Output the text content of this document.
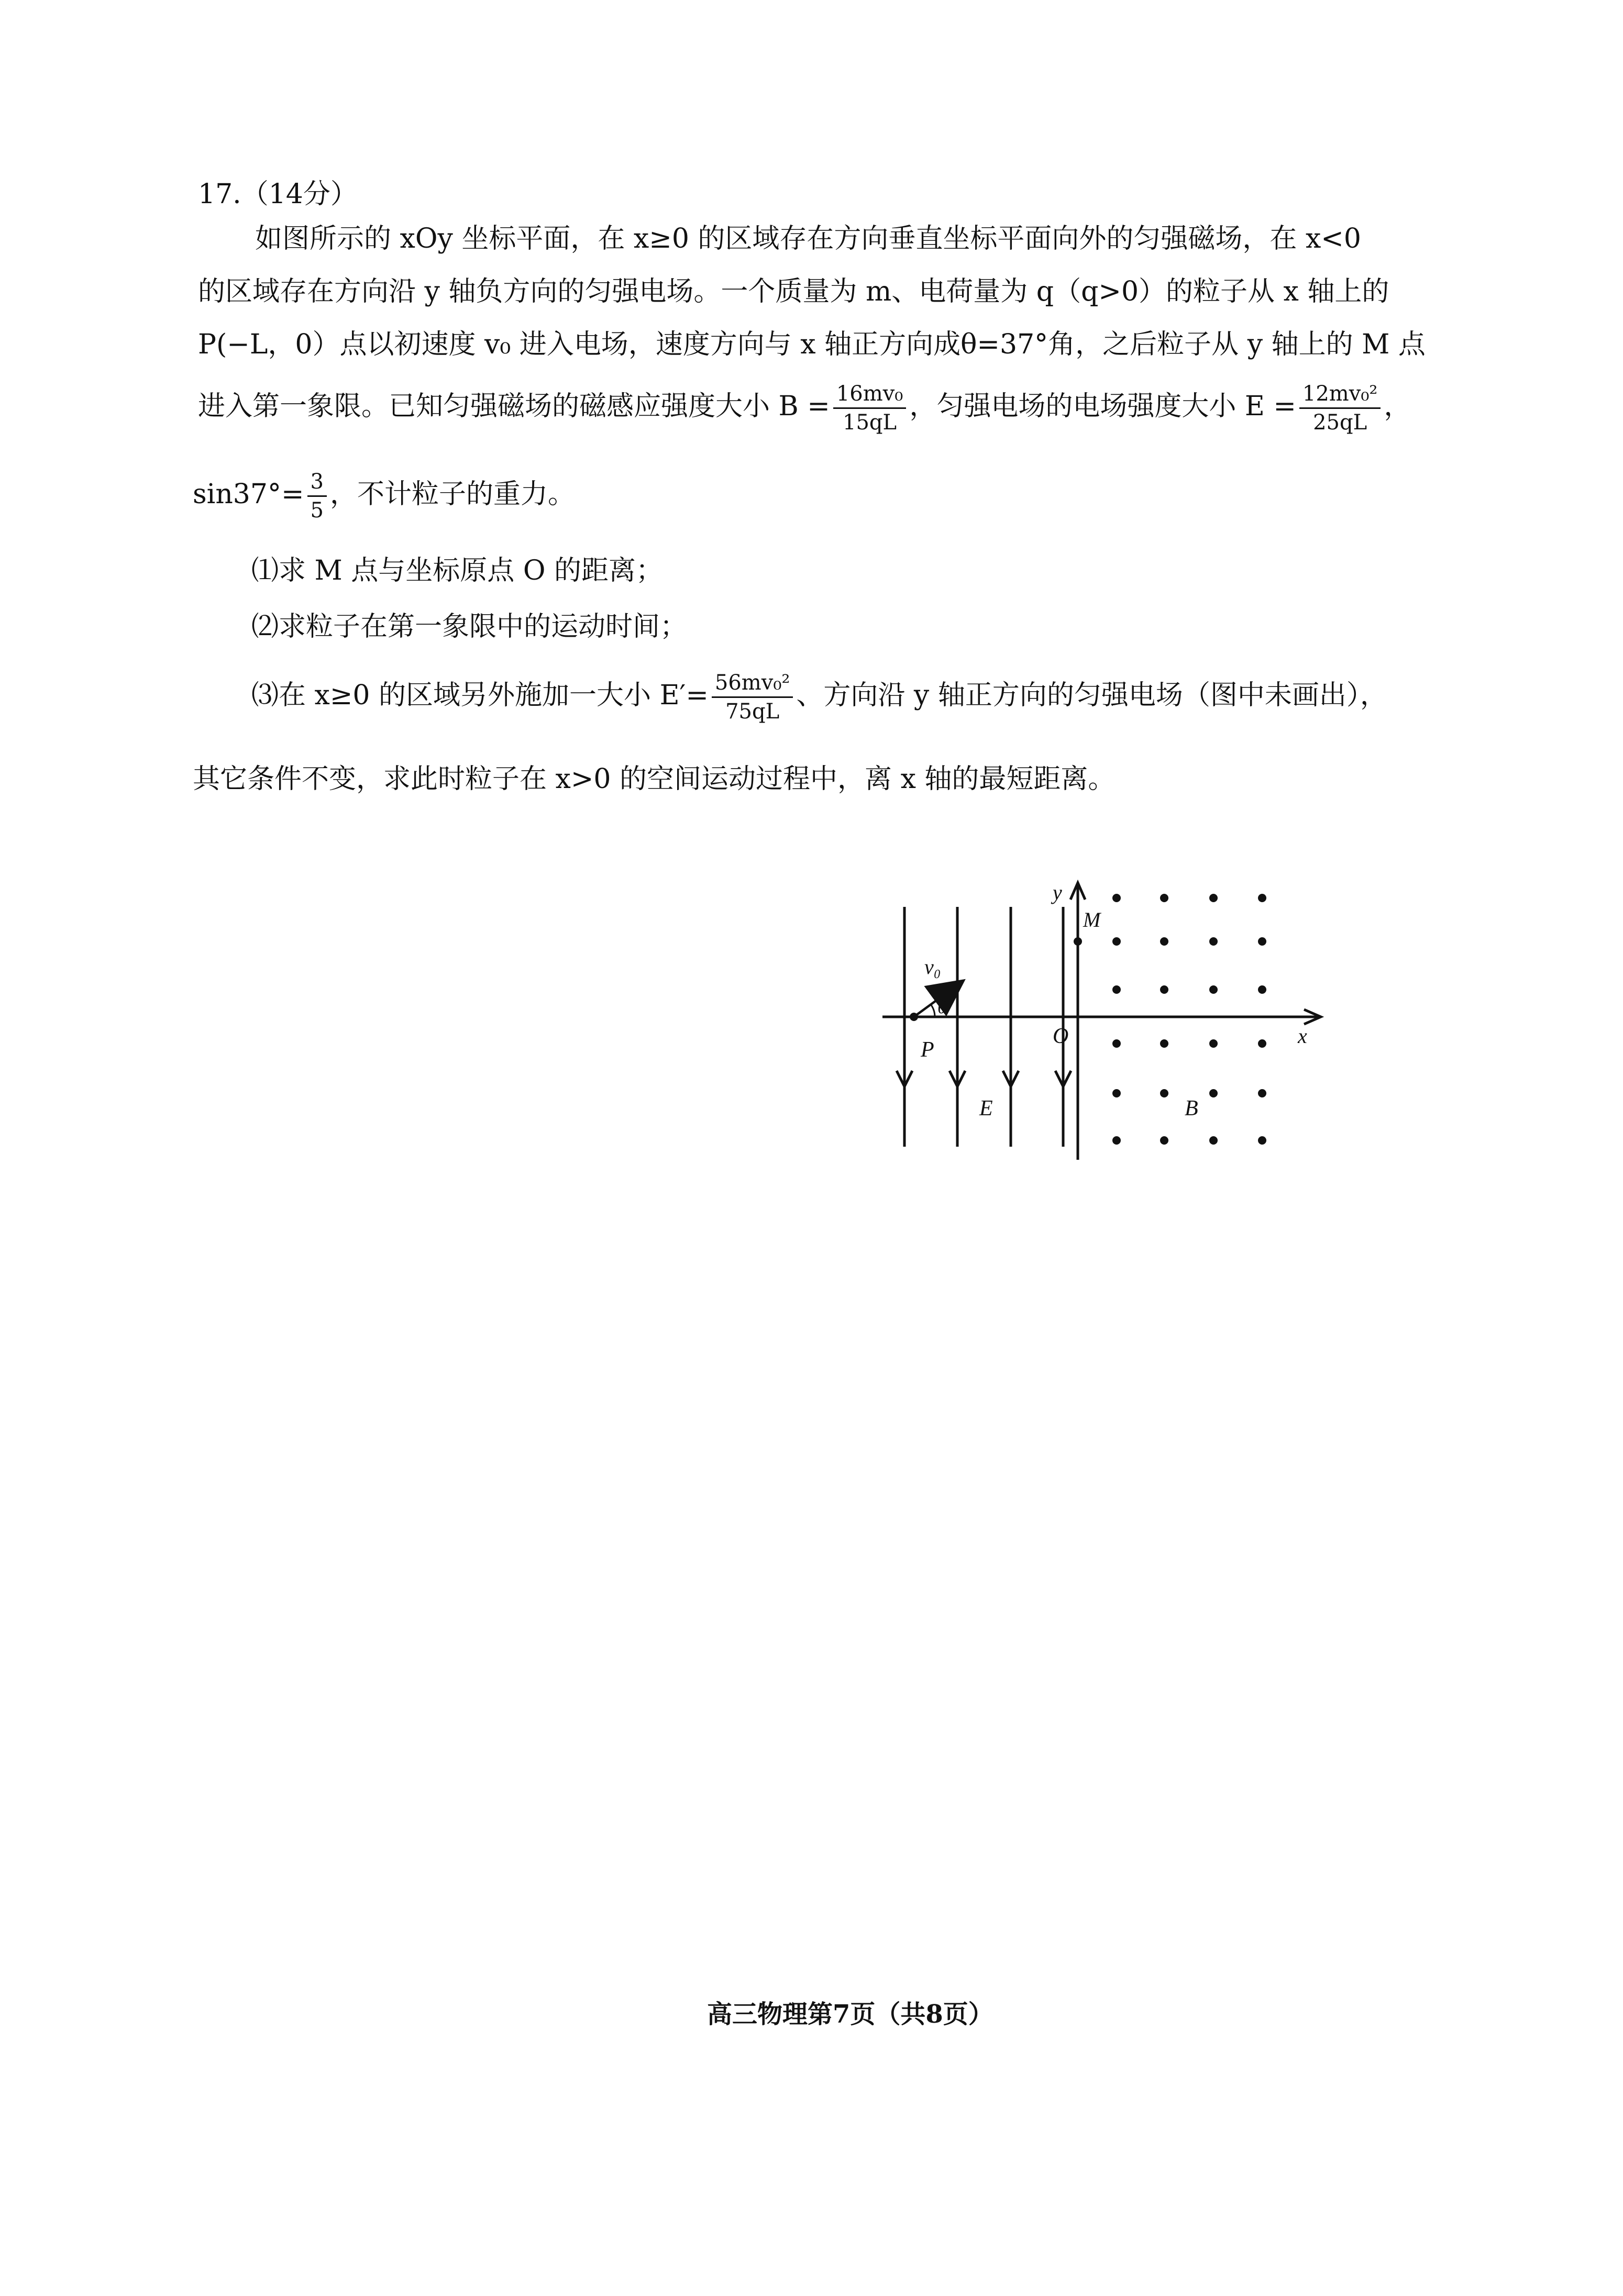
17.（14分）
如图所示的 xOy 坐标平面，在 x≥0 的区域存在方向垂直坐标平面向外的匀强磁场，在 x<0
的区域存在方向沿 y 轴负方向的匀强电场。一个质量为 m、电荷量为 q（q>0）的粒子从 x 轴上的
P(−L，0）点以初速度 v₀ 进入电场，速度方向与 x 轴正方向成θ=37°角，之后粒子从 y 轴上的 M 点
进入第一象限。已知匀强磁场的磁感应强度大小 $B = \frac{\text{16mv₀}}{15qL}$ ，匀强电场的电场强度大小 $E = \frac{\text{12mv₀²}}{25qL}$ ，
$\sin 37^\circ= \frac{3}{5}$ ，不计粒子的重力。
⑴求 M 点与坐标原点 O 的距离；
⑵求粒子在第一象限中的运动时间；
⑶在 x≥0 的区域另外施加一大小 $E'= \frac{\text{56mv₀²}}{75qL}$ 、方向沿 y 轴正方向的匀强电场（图中未画出），
其它条件不变，求此时粒子在 x>0 的空间运动过程中，离 x 轴的最短距离。
y
M
v₀
θ
P
O	x
E	B
高三物理第7页（共8页）
